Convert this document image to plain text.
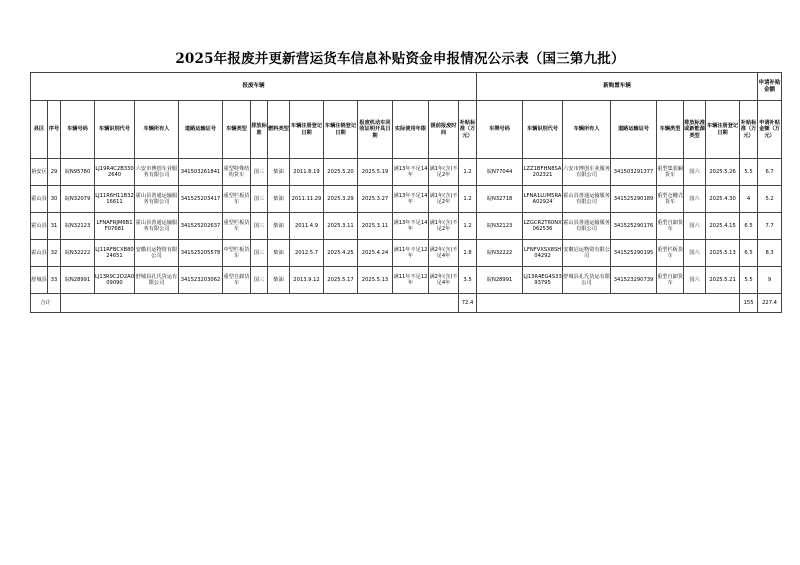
2025年报废并更新营运货车信息补贴资金申报情况公示表（国三第九批）
报废车辆															新购置车辆								申请补贴金额
县区	序号	车辆号码	车辆识别代号	车辆所有人	道路运输证号	车辆类型	排放标准	燃料类型	车辆注册登记日期	车辆注销登记日期	报废机动车回收证明开具日期	实际使用年限	提前报废时间	补贴标准（万元）	车牌号码	车辆识别代号	车辆所有人	道路运输证号	车辆类型	排放标准或新能源类型	车辆注册登记日期	补贴标准（万元）	申请补贴金额（万元）
裕安区	29	皖N95780	LJ19R4C2B3302640	六安市博创车业服务有限公司	341503261841	重型特殊结构货车	国三	柴油	2011.8.19	2025.5.20	2025.5.19	满13年不足14年	满1年(含)不足2年	1.2	皖N77044	LZZ1BFHN8SA202321	六安市博创车业服务有限公司	341503291377	重型集装厢货车	国六	2025.5.26	5.5	6.7
霍山县	30	皖N32079	LJ11R6H11B3216611	霍山县善通运输服务有限公司	341525203417	重型栏板货车	国三	柴油	2011.11.29	2025.3.29	2025.3.27	满13年不足14年	满1年(含)不足2年	1.2	皖N32718	LFNA1LUM5RAA02924	霍山县善通运输服务有限公司	341525290189	重型仓栅式货车	国六	2025.4.30	4	5.2
霍山县	31	皖N32123	LFNAFRJM6B1F07681	霍山县善通运输服务有限公司	341525202637	重型栏板货车	国三	柴油	2011.4.9	2025.3.11	2025.3.11	满13年不足14年	满1年(含)不足2年	1.2	皖N32123	LZGCR2T60NX062536	霍山县善通运输服务有限公司	341525290176	重型自卸货车	国六	2025.4.15	6.5	7.7
霍山县	32	皖N32222	LJ11RFBCXB8024651	安徽启运物资有限公司	341525205578	中型栏板货车	国三	柴油	2012.5.7	2025.4.25	2025.4.24	满11年不足12年	满2年(含)不足4年	1.8	皖N32222	LFNFVXSX8SH04292	安徽启运物资有限公司	341525290195	重型栏板货车	国六	2025.5.13	6.5	8.3
舒城县	33	皖N28991	LJ13R9C2D2A009090	舒城县孔氏货运有限公司	341523203062	重型自卸货车	国三	柴油	2013.9.12	2025.5.17	2025.5.13	满11年不足12年	满2年(含)不足4年	3.5	皖N28991	LJ13R4EG4S3393795	舒城县孔氏货运有限公司	341523290739	重型自卸货车	国六	2025.5.21	5.5	9
合计														72.4								155	227.4
